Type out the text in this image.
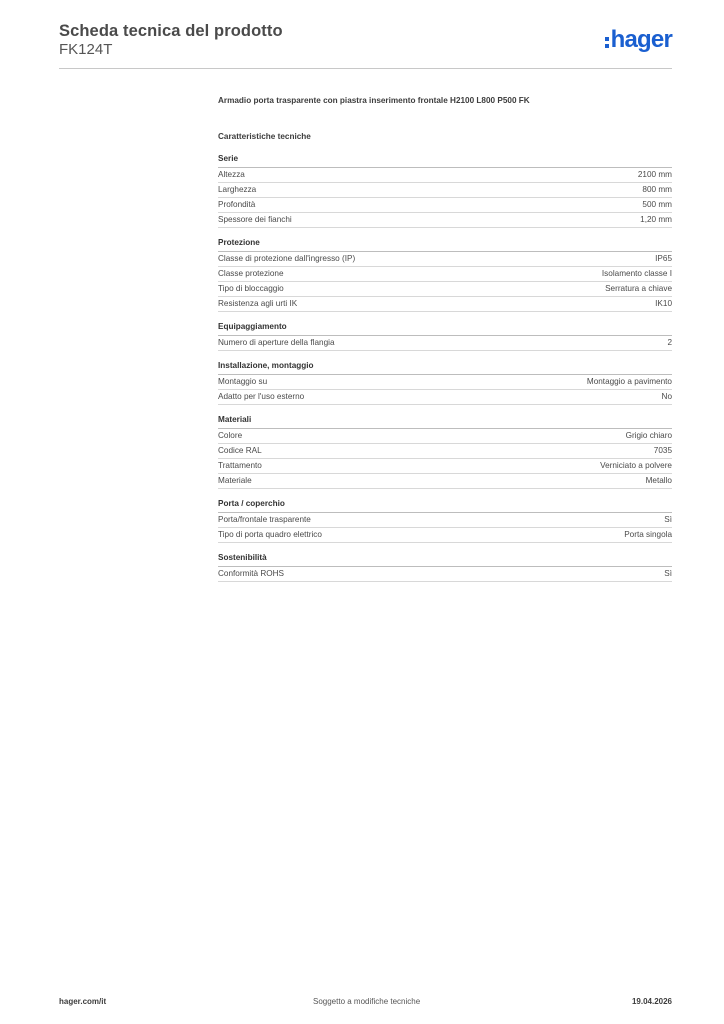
Scheda tecnica del prodotto
FK124T	hager
Armadio porta trasparente con piastra inserimento frontale H2100 L800 P500 FK
Caratteristiche tecniche
Serie
Altezza	2100 mm
Larghezza	800 mm
Profondità	500 mm
Spessore dei fianchi	1,20 mm
Protezione
Classe di protezione dall'ingresso (IP)	IP65
Classe protezione	Isolamento classe I
Tipo di bloccaggio	Serratura a chiave
Resistenza agli urti IK	IK10
Equipaggiamento
Numero di aperture della flangia	2
Installazione, montaggio
Montaggio su	Montaggio a pavimento
Adatto per l'uso esterno	No
Materiali
Colore	Grigio chiaro
Codice RAL	7035
Trattamento	Verniciato a polvere
Materiale	Metallo
Porta / coperchio
Porta/frontale trasparente	Sì
Tipo di porta quadro elettrico	Porta singola
Sostenibilità
Conformità ROHS	Sì
hager.com/it	Soggetto a modifiche tecniche	19.04.2026
